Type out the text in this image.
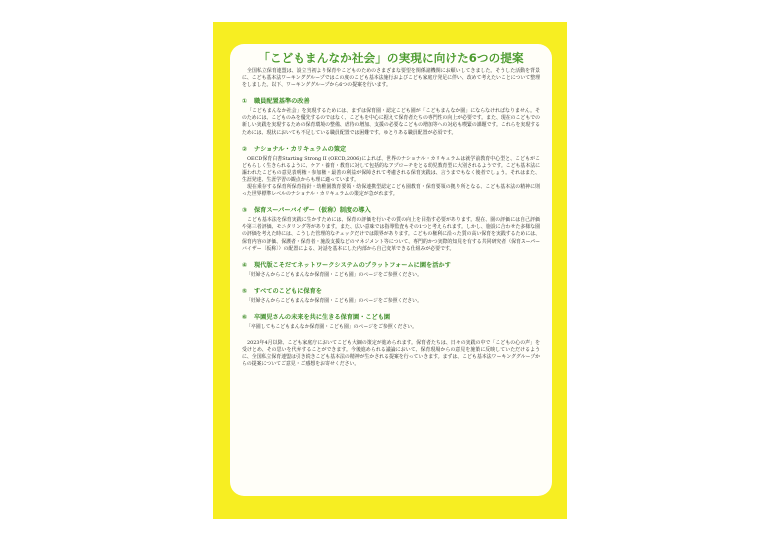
「こどもまんなか社会」の実現に向けた6つの提案

全国私立保育連盟は、設立当初より保育やこどものためのさまざまな要望を関係諸機関にお願いしてきました。そうした活動を背景に、こども基本法ワーキンググループではこの度のこども基本法施行およびこども家庭庁発足に伴い、改めて考えたいことについて整理をしました。以下、ワーキンググループから6つの提案を行います。

① 職員配置基準の改善

「こどもまんなか社会」を実現するためには、まずは保育園・認定こども園が「こどもまんなか園」にならなければなりません。そのためには、こどものみを優先するのではなく、こどもを中心に据えて保育者たちの専門性の向上が必要です。また、現在のこどもでの新しい実践を実現するための保育環境の整備、虐待の増加、支援の必要なこどもの増加等への対応も喫緊の課題です。これらを実現するためには、現状においても不足している職員配置では困難です。ゆとりある職員配置が必須です。

② ナショナル・カリキュラムの策定

OECD保育白書Starting Strong II (OECD,2006)によれば、世界のナショナル・カリキュラムは就学前教育中心型と、こどもがこどもらしく生きられるように、ケア・養育・教育に対して包括的なアプローチをとる幼児教育型に大別されるようです。こども基本法に謳われたこどもの意見表明権・参加権・最善の利益が保障されて考慮される保育実践は、言うまでもなく後者でしょう。それはまた、生涯発達、生涯学習の観点からも理に適っています。

現在乗存する保育所保育指針・幼稚園教育要領・幼保連携型認定こども園教育・保育要領の拠り所となる、こども基本法の精神に則った世界標準レベルのナショナル・カリキュラムの策定が急がれます。

③ 保育スーパーバイザー（仮称）制度の導入

こども基本法を保育実践に生かすためには、保育の評価を行いその質の向上を目指す必要があります。現在、園の評価には自己評価や第三者評価、モニタリング等があります。また、広い意味では指導監査もその1つと考えられます。しかし、施設に合わせた多様な園の評価を考えた時には、こうした管理的なチェックだけでは限界があります。こどもの権利に沿った質の高い保育を実践するためには、保育内容の評価、保護者・保育者・施設支援などのマネジメント等について、専門的かつ実際的知見を有する共同研究者（保育スーパーバイザー〔仮称〕）の配置による、対話を基本にした内部から自己変革できる仕組みが必要です。

④ 現代版こそだてネットワークシステムのプラットフォームに園を活かす

「妊婦さんからこどもまんなか保育園・こども園」のページをご参照ください。

⑤ すべてのこどもに保育を

「妊婦さんからこどもまんなか保育園・こども園」のページをご参照ください。

⑥ 卒園児さんの未来を共に生きる保育園・こども園

「卒園してもこどもまんなか保育園・こども園」のページをご参照ください。

2023年4月以降、こども家庭庁においてこども大綱の策定が進められます。保育者たちは、日々の実践の中で「こどもの心の声」を受けとめ、その思いを代弁することができます。今後進められる議論において、保育現場からの意見を施策に反映していただけるように、全国私立保育連盟は引き続きこども基本法の精神が生かされる提案を行っていきます。まずは、こども基本法ワーキンググループからの提案についてご意見・ご感想をお寄せください。
